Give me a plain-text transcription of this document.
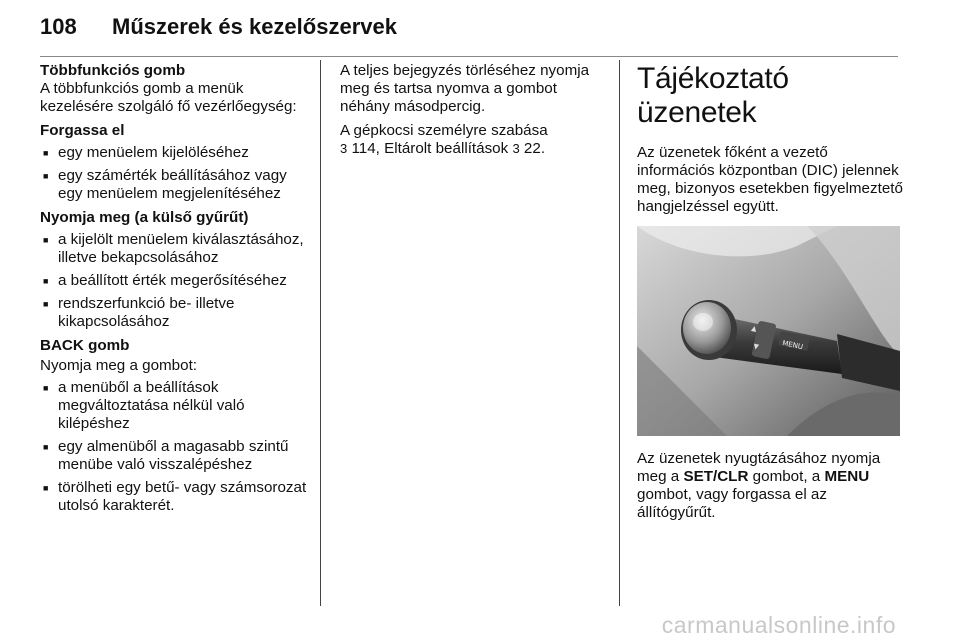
108	Műszerek és kezelőszervek

Többfunkciós gomb

A többfunkciós gomb a menük kezelésére szolgáló fő vezérlőegység:

Forgassa el

■ egy menüelem kijelöléséhez
■ egy számérték beállításához vagy egy menüelem megjelenítéséhez

Nyomja meg (a külső gyűrűt)

■ a kijelölt menüelem kiválasztásához, illetve bekapcsolásához
■ a beállított érték megerősítéséhez
■ rendszerfunkció be- illetve kikapcsolásához

BACK gomb

Nyomja meg a gombot:

■ a menüből a beállítások megváltoztatása nélkül való kilépéshez
■ egy almenüből a magasabb szintű menübe való visszalépéshez
■ törölheti egy betű- vagy számsorozat utolsó karakterét.

A teljes bejegyzés törléséhez nyomja meg és tartsa nyomva a gombot néhány másodpercig.

A gépkocsi személyre szabása
3 114, Eltárolt beállítások 3 22.

Tájékoztató üzenetek

Az üzenetek főként a vezető információs központban (DIC) jelennek meg, bizonyos esetekben figyelmeztető hangjelzéssel együtt.

▲
▼	MENU

Az üzenetek nyugtázásához nyomja meg a SET/CLR gombot, a MENU gombot, vagy forgassa el az állítógyűrűt.

carmanualsonline.info
